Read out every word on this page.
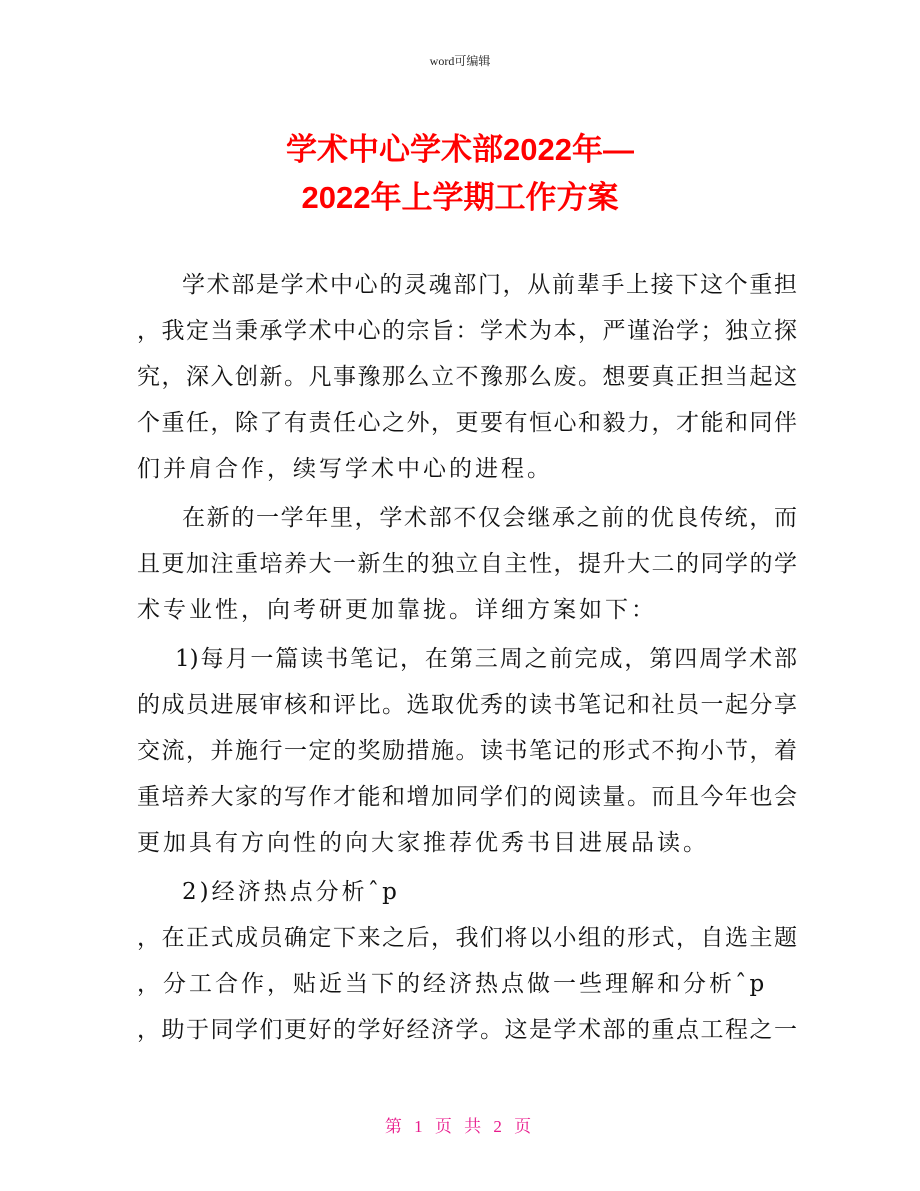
word可编辑
学术中心学术部2022年—
2022年上学期工作方案
学术部是学术中心的灵魂部门，从前辈手上接下这个重担
，我定当秉承学术中心的宗旨：学术为本，严谨治学；独立探
究，深入创新。凡事豫那么立不豫那么废。想要真正担当起这
个重任，除了有责任心之外，更要有恒心和毅力，才能和同伴
们并肩合作，续写学术中心的进程。
在新的一学年里，学术部不仅会继承之前的优良传统，而
且更加注重培养大一新生的独立自主性，提升大二的同学的学
术专业性，向考研更加靠拢。详细方案如下：
1)每月一篇读书笔记，在第三周之前完成，第四周学术部
的成员进展审核和评比。选取优秀的读书笔记和社员一起分享
交流，并施行一定的奖励措施。读书笔记的形式不拘小节，着
重培养大家的写作才能和增加同学们的阅读量。而且今年也会
更加具有方向性的向大家推荐优秀书目进展品读。
2)经济热点分析ˆp
，在正式成员确定下来之后，我们将以小组的形式，自选主题
，分工合作，贴近当下的经济热点做一些理解和分析ˆp
，助于同学们更好的学好经济学。这是学术部的重点工程之一
第 1 页 共 2 页
